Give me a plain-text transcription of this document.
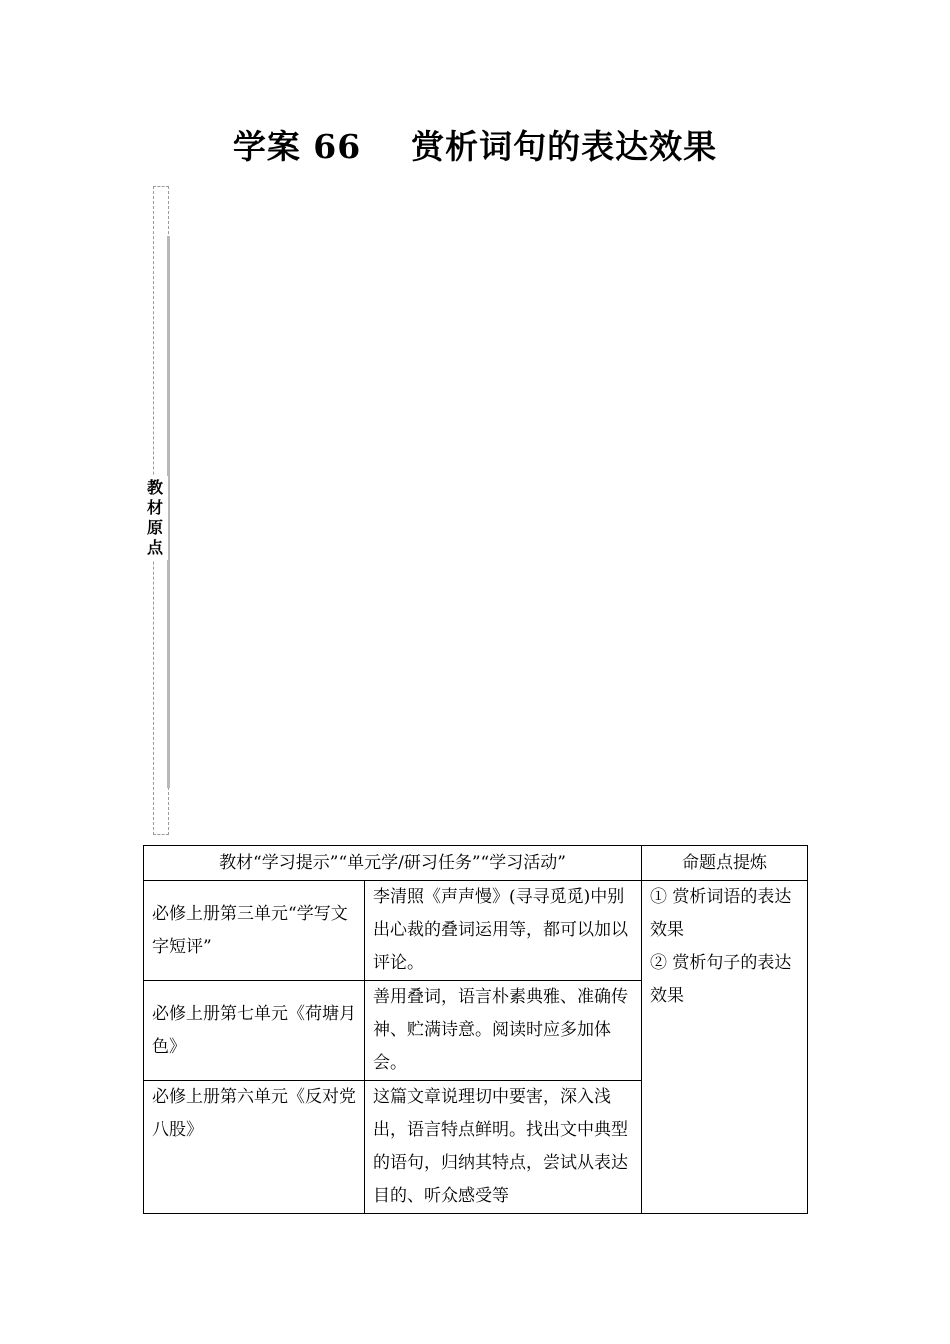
学案 66    赏析词句的表达效果
教
材
原
点
教材“学习提示”“单元学/研习任务”“学习活动”		命题点提炼
必修上册第三单元“学写文字短评”	李清照《声声慢》(寻寻觅觅)中别出心裁的叠词运用等，都可以加以评论。	① 赏析词语的表达效果
② 赏析句子的表达效果

必修上册第七单元《荷塘月色》	善用叠词，语言朴素典雅、准确传神、贮满诗意。阅读时应多加体会。	
必修上册第六单元《反对党八股》	这篇文章说理切中要害，深入浅出，语言特点鲜明。找出文中典型的语句，归纳其特点，尝试从表达目的、听众感受等	
